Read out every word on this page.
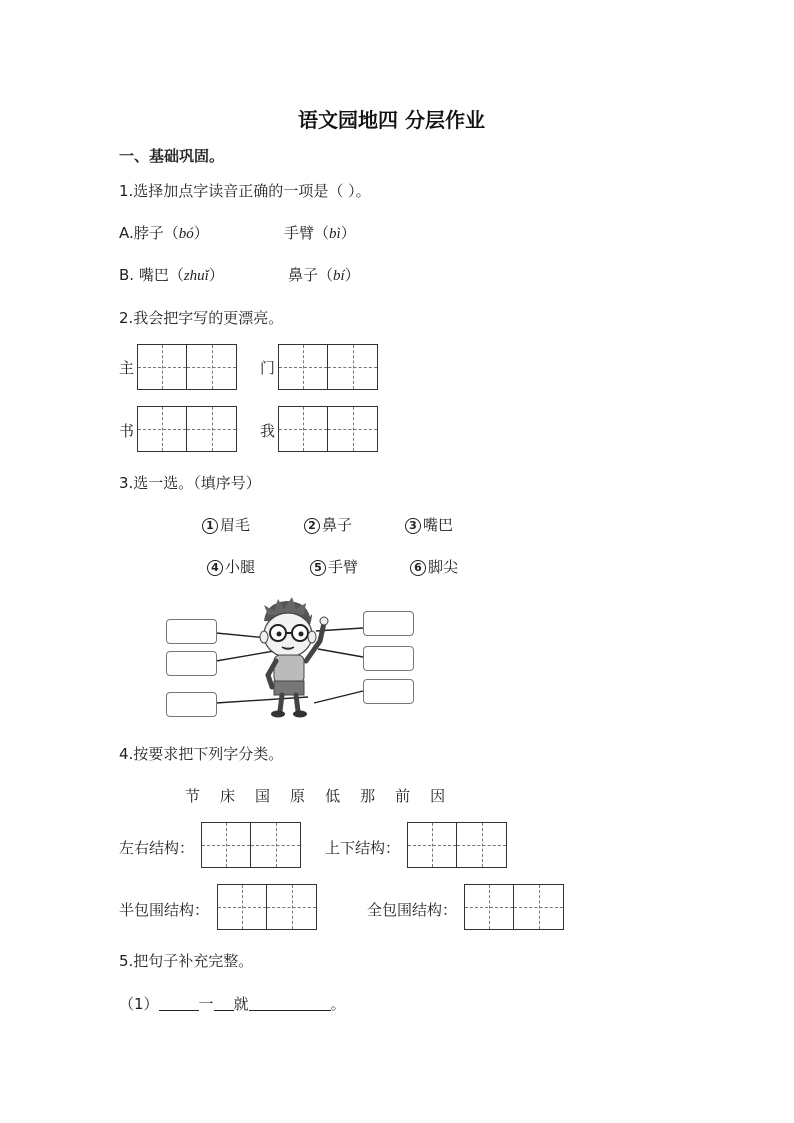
语文园地四 分层作业
一、基础巩固。
1.选择加点字读音正确的一项是（ ）。
A.脖子（bó）	手臂（bì）
B. 嘴巴（zhuǐ）	鼻子（bí）
2.我会把字写的更漂亮。
主	门
书	我
3.选一选。（填序号）
1 眉毛	2 鼻子	3 嘴巴
4 小腿	5 手臂	6 脚尖
4.按要求把下列字分类。
节 床 国 原 低 那 前 因
左右结构：	上下结构：
半包围结构：	全包围结构：
5.把句子补充完整。
（1）	一 就	。
